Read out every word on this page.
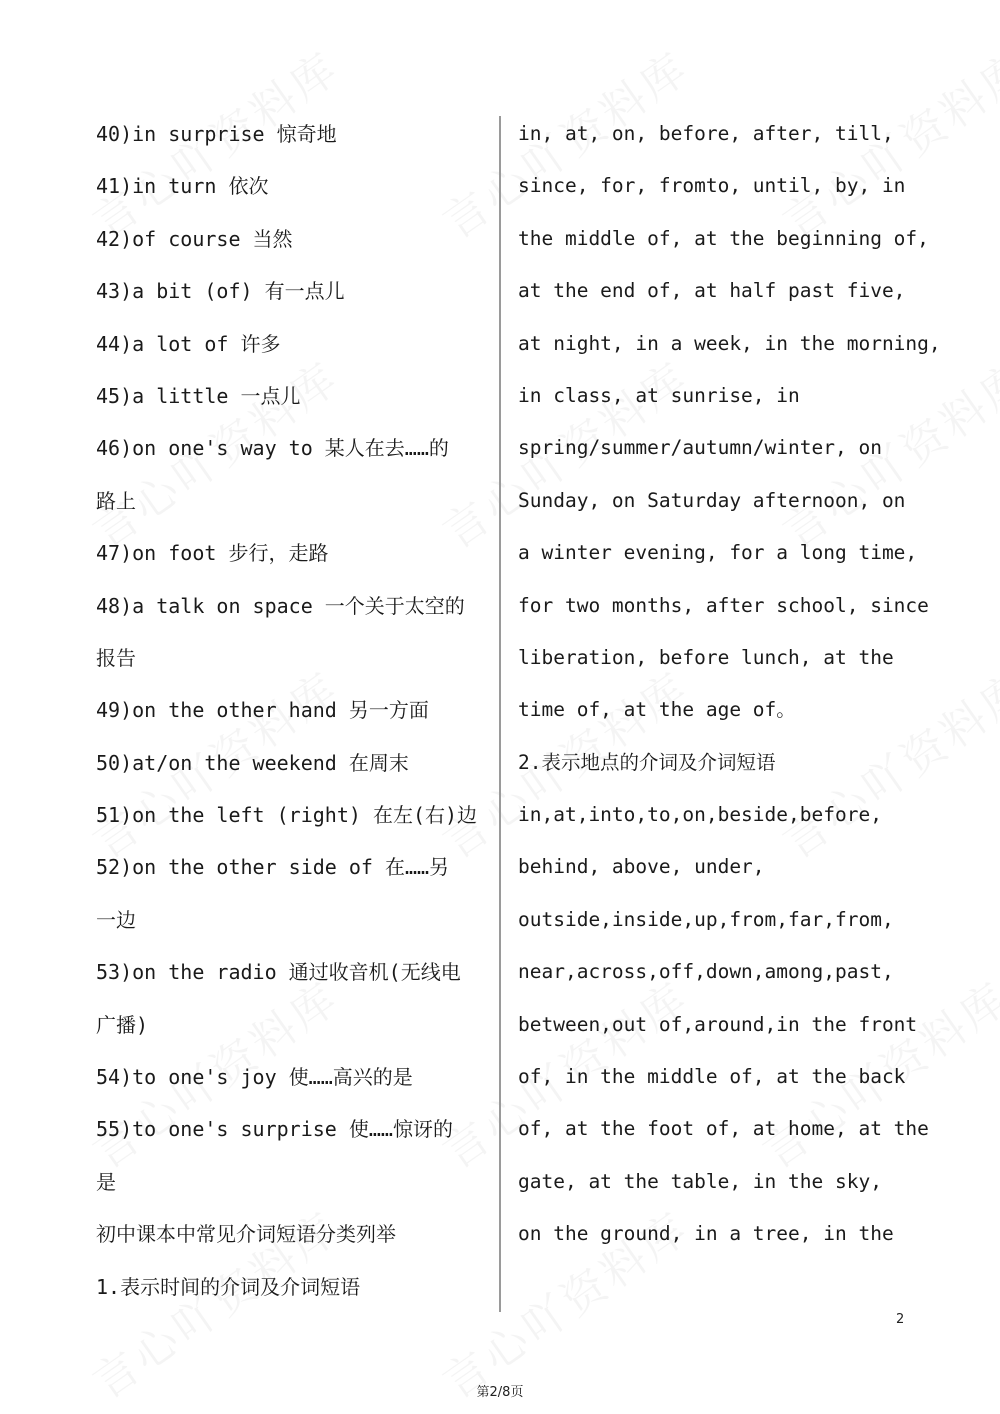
40)in surprise 惊奇地
41)in turn 依次
42)of course 当然
43)a bit (of) 有一点儿
44)a lot of 许多
45)a little 一点儿
46)on one's way to 某人在去……的
路上
47)on foot 步行，走路
48)a talk on space 一个关于太空的
报告
49)on the other hand 另一方面
50)at/on the weekend 在周末
51)on the left (right) 在左(右)边
52)on the other side of 在……另
一边
53)on the radio 通过收音机(无线电
广播)
54)to one's joy 使……高兴的是
55)to one's surprise 使……惊讶的
是
初中课本中常见介词短语分类列举
1.表示时间的介词及介词短语
in, at, on, before, after, till,
since, for, fromto, until, by, in
the middle of, at the beginning of,
at the end of, at half past five,
at night, in a week, in the morning,
in class, at sunrise, in
spring/summer/autumn/winter, on
Sunday, on Saturday afternoon, on
a winter evening, for a long time,
for two months, after school, since
liberation, before lunch, at the
time of, at the age of。
2.表示地点的介词及介词短语
in,at,into,to,on,beside,before,
behind, above, under,
outside,inside,up,from,far,from,
near,across,off,down,among,past,
between,out of,around,in the front
of, in the middle of, at the back
of, at the foot of, at home, at the
gate, at the table, in the sky,
on the ground, in a tree, in the
2
第2/8页
